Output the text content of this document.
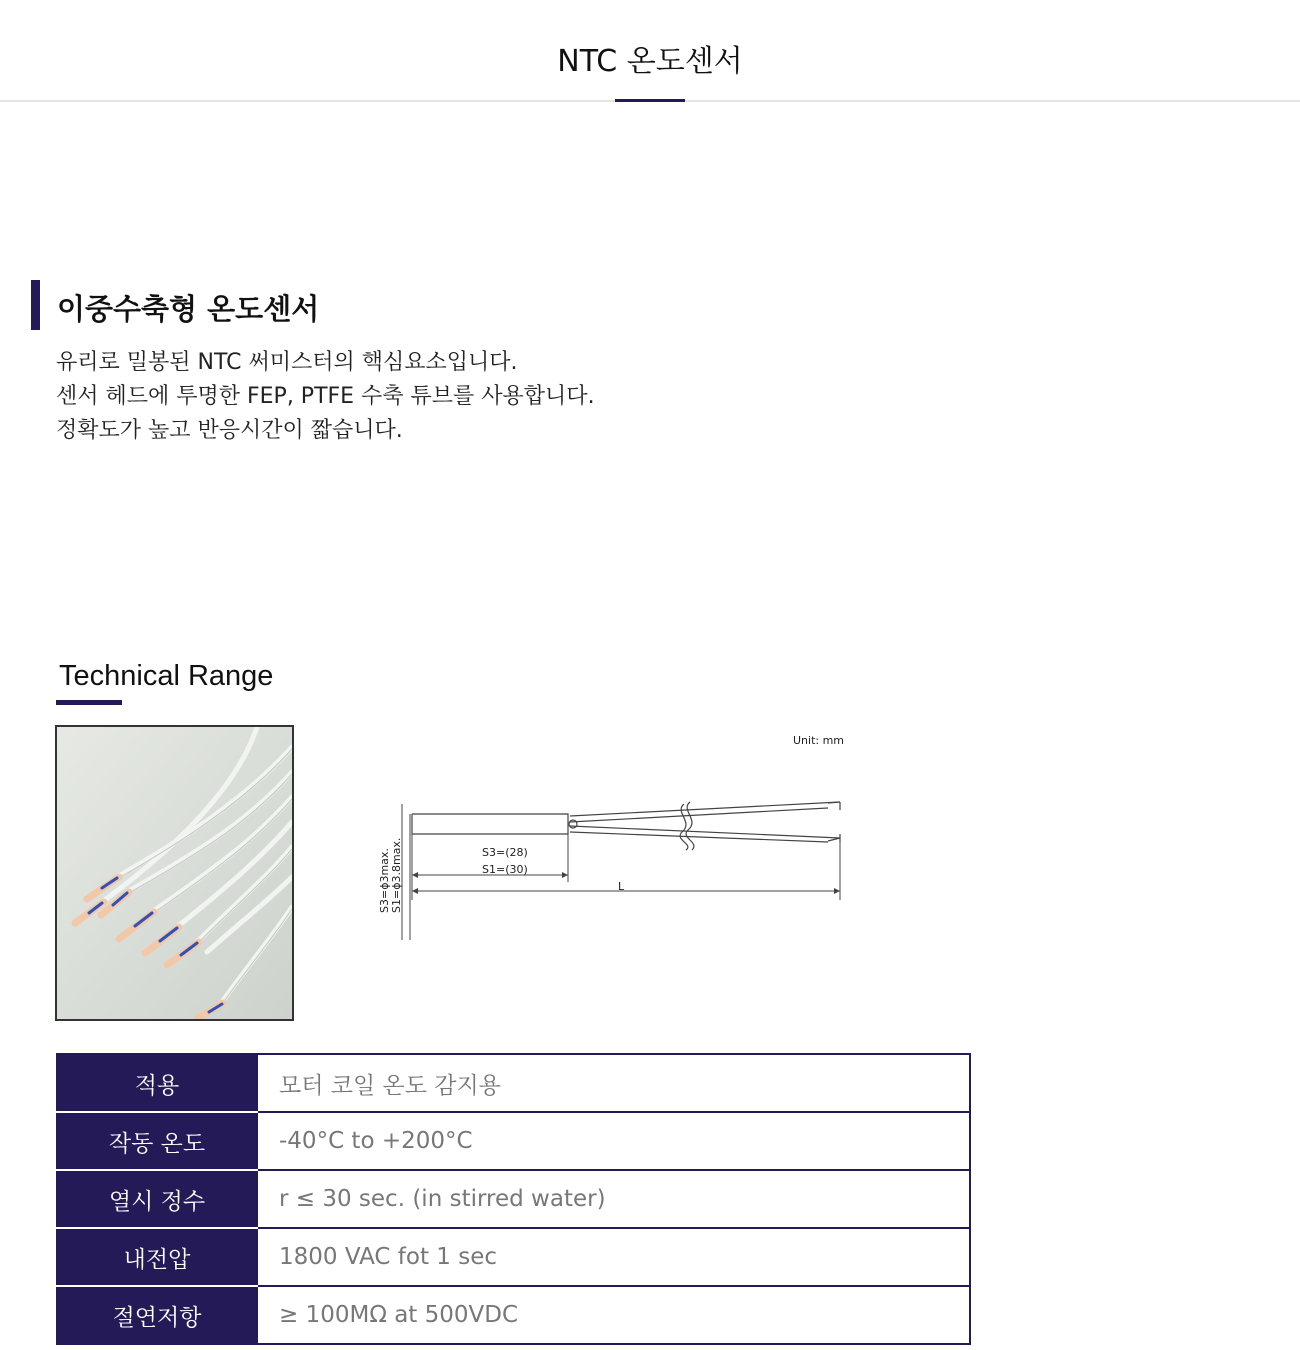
NTC 온도센서
이중수축형 온도센서
유리로 밀봉된 NTC 써미스터의 핵심요소입니다.
센서 헤드에 투명한 FEP, PTFE 수축 튜브를 사용합니다.
정확도가 높고 반응시간이 짧습니다.
Technical Range
Unit: mm
S3=(28)
S1=(30)
L
S3=ϕ3max. S1=ϕ3.8max.
적용	모터 코일 온도 감지용
작동 온도	-40°C to +200°C
열시 정수	r ≤ 30 sec. (in stirred water)
내전압	1800 VAC fot 1 sec
절연저항	≥ 100MΩ at 500VDC
